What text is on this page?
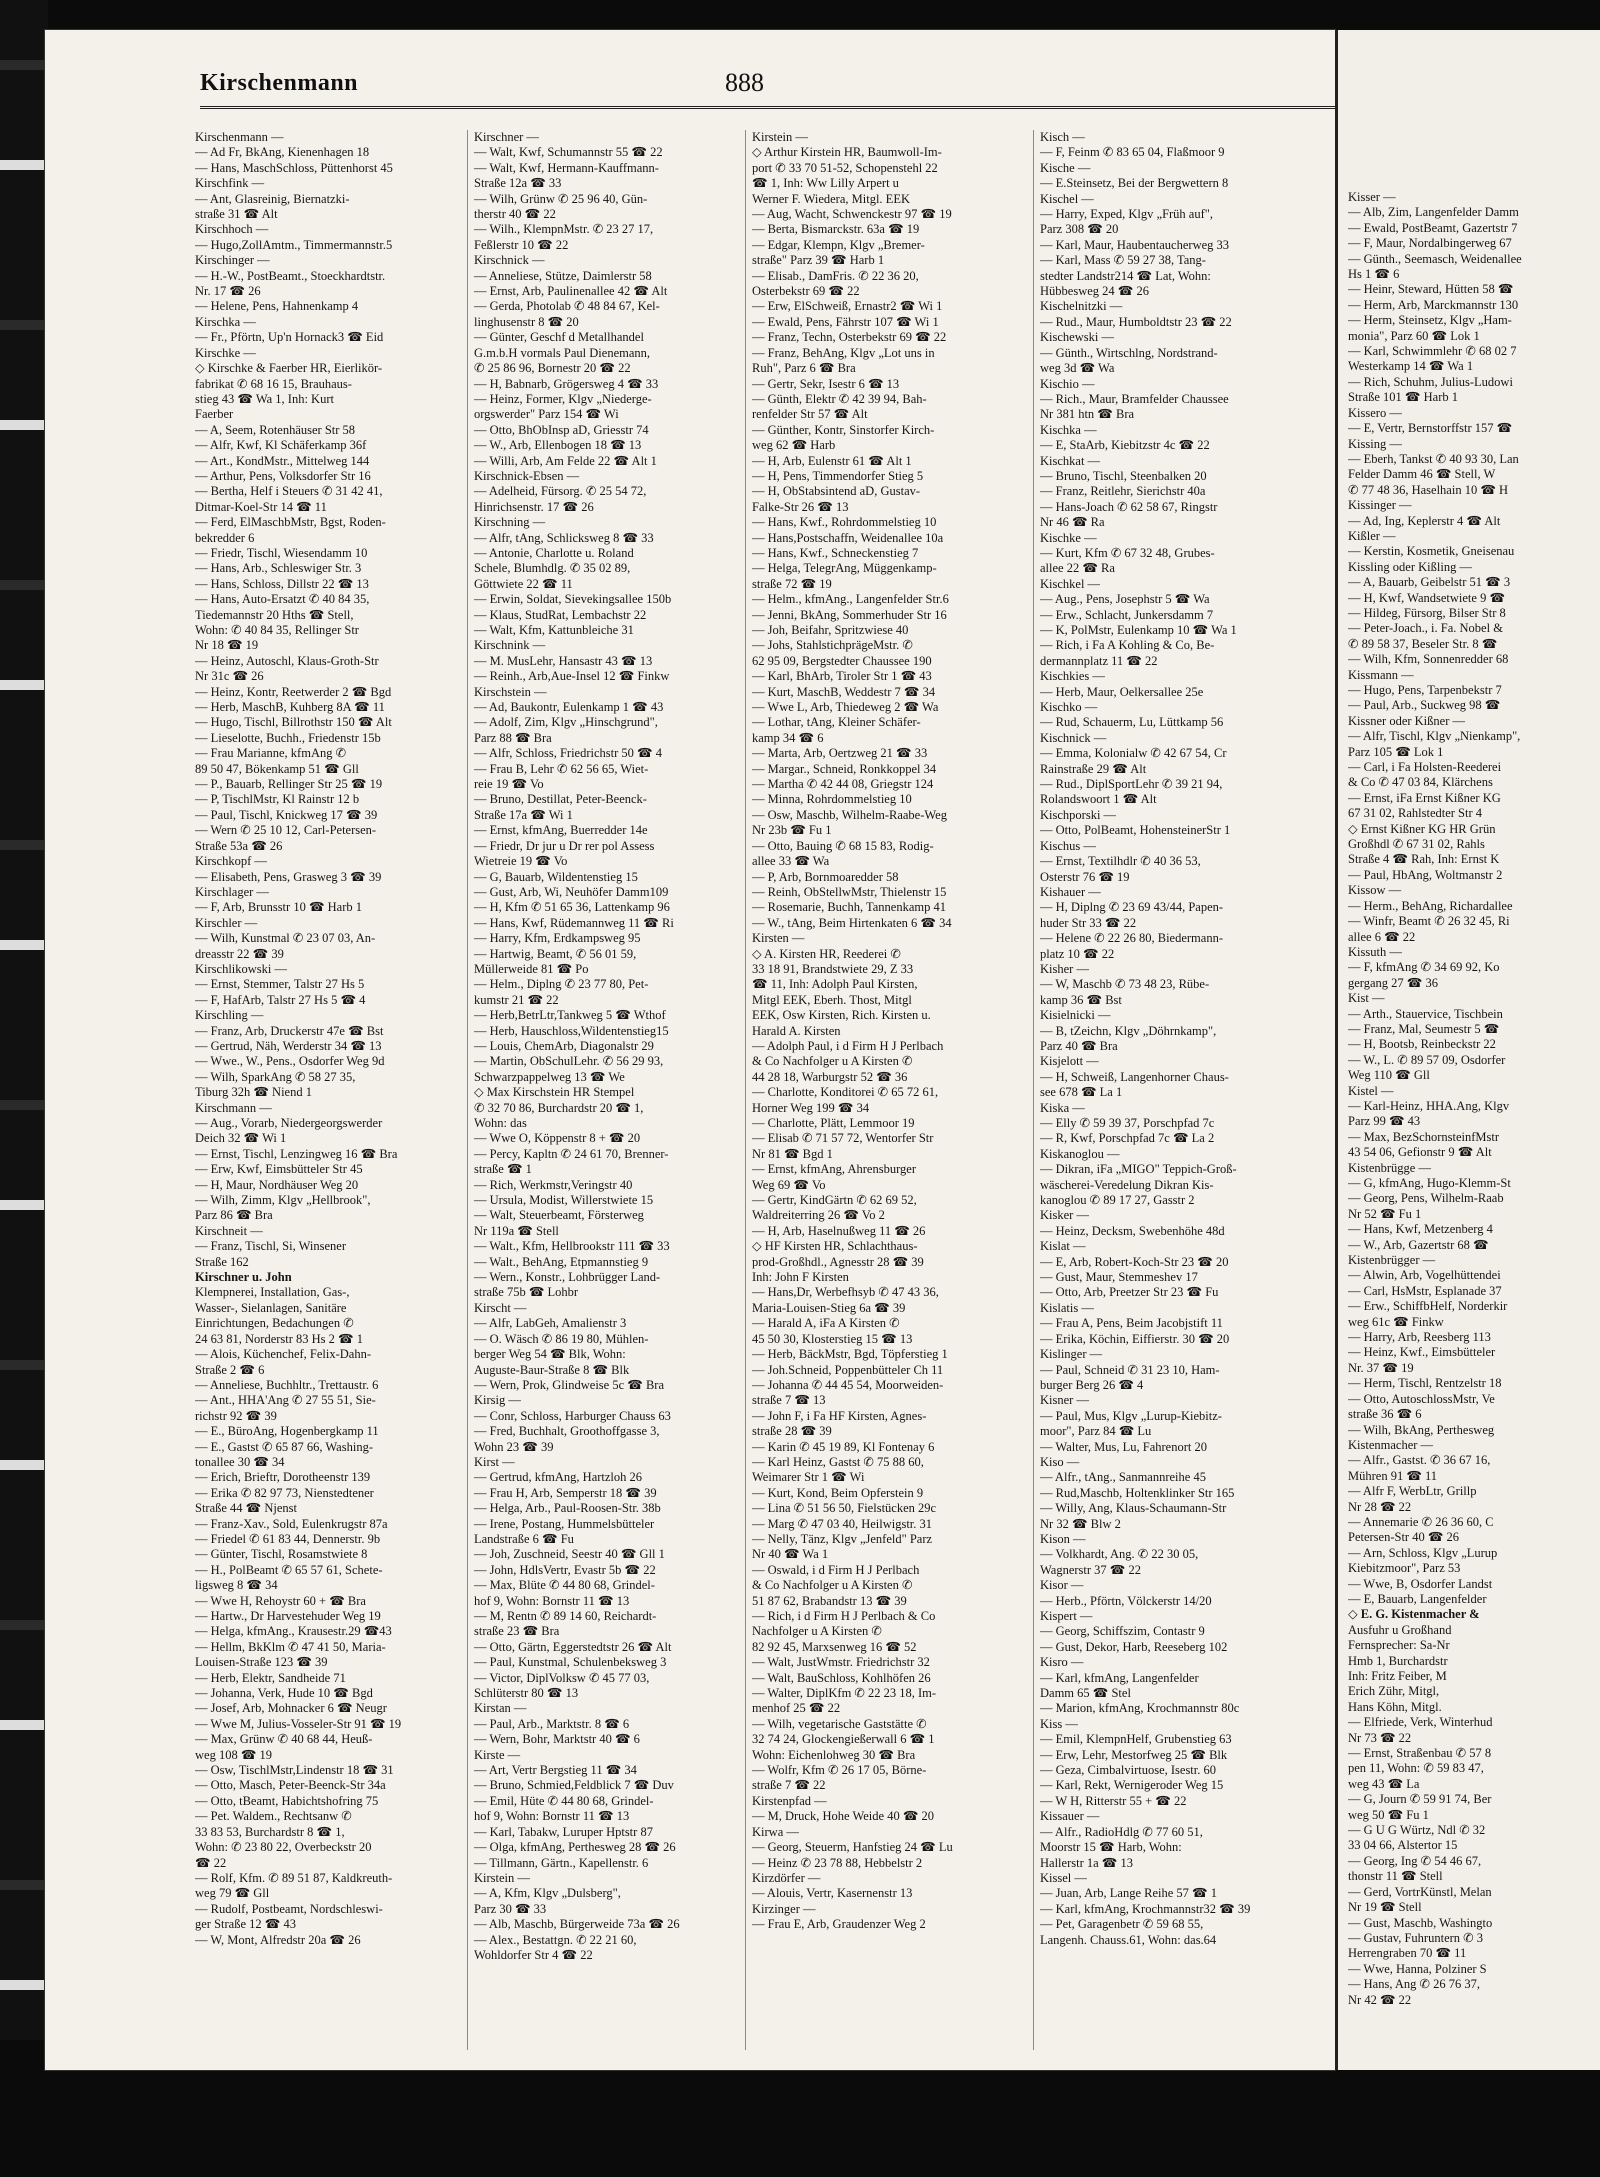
Kirschenmann	888
Kirschenmann —
— Ad Fr, BkAng, Kienenhagen 18
— Hans, MaschSchloss, Püttenhorst 45
Kirschfink —
— Ant, Glasreinig, Biernatzki-
straße 31 ☎ Alt
Kirschhoch —
— Hugo,ZollAmtm., Timmermannstr.5
Kirschinger —
— H.-W., PostBeamt., Stoeckhardtstr.
Nr. 17 ☎ 26
— Helene, Pens, Hahnenkamp 4
Kirschka —
— Fr., Pförtn, Up'n Hornack3 ☎ Eid
Kirschke —
◇ Kirschke & Faerber HR, Eierlikör-
fabrikat ✆ 68 16 15, Brauhaus-
stieg 43 ☎ Wa 1, Inh: Kurt
Faerber
— A, Seem, Rotenhäuser Str 58
— Alfr, Kwf, Kl Schäferkamp 36f
— Art., KondMstr., Mittelweg 144
— Arthur, Pens, Volksdorfer Str 16
— Bertha, Helf i Steuers ✆ 31 42 41,
Ditmar-Koel-Str 14 ☎ 11
— Ferd, ElMaschbMstr, Bgst, Roden-
bekredder 6
— Friedr, Tischl, Wiesendamm 10
— Hans, Arb., Schleswiger Str. 3
— Hans, Schloss, Dillstr 22 ☎ 13
— Hans, Auto-Ersatzt ✆ 40 84 35,
Tiedemannstr 20 Hths ☎ Stell,
Wohn: ✆ 40 84 35, Rellinger Str
Nr 18 ☎ 19
— Heinz, Autoschl, Klaus-Groth-Str
Nr 31c ☎ 26
— Heinz, Kontr, Reetwerder 2 ☎ Bgd
— Herb, MaschB, Kuhberg 8A ☎ 11
— Hugo, Tischl, Billrothstr 150 ☎ Alt
— Lieselotte, Buchh., Friedenstr 15b
— Frau Marianne, kfmAng ✆
89 50 47, Bökenkamp 51 ☎ Gll
— P., Bauarb, Rellinger Str 25 ☎ 19
— P, TischlMstr, Kl Rainstr 12 b
— Paul, Tischl, Knickweg 17 ☎ 39
— Wern ✆ 25 10 12, Carl-Petersen-
Straße 53a ☎ 26
Kirschkopf —
— Elisabeth, Pens, Grasweg 3 ☎ 39
Kirschlager —
— F, Arb, Brunsstr 10 ☎ Harb 1
Kirschler —
— Wilh, Kunstmal ✆ 23 07 03, An-
dreasstr 22 ☎ 39
Kirschlikowski —
— Ernst, Stemmer, Talstr 27 Hs 5
— F, HafArb, Talstr 27 Hs 5 ☎ 4
Kirschling —
— Franz, Arb, Druckerstr 47e ☎ Bst
— Gertrud, Näh, Werderstr 34 ☎ 13
— Wwe., W., Pens., Osdorfer Weg 9d
— Wilh, SparkAng ✆ 58 27 35,
Tiburg 32h ☎ Niend 1
Kirschmann —
— Aug., Vorarb, Niedergeorgswerder
Deich 32 ☎ Wi 1
— Ernst, Tischl, Lenzingweg 16 ☎ Bra
— Erw, Kwf, Eimsbütteler Str 45
— H, Maur, Nordhäuser Weg 20
— Wilh, Zimm, Klgv „Hellbrook",
Parz 86 ☎ Bra
Kirschneit —
— Franz, Tischl, Si, Winsener
Straße 162
Kirschner u. John
Klempnerei, Installation, Gas-,
Wasser-, Sielanlagen, Sanitäre
Einrichtungen, Bedachungen ✆
24 63 81, Norderstr 83 Hs 2 ☎ 1
— Alois, Küchenchef, Felix-Dahn-
Straße 2 ☎ 6
— Anneliese, Buchhltr., Trettaustr. 6
— Ant., HHA'Ang ✆ 27 55 51, Sie-
richstr 92 ☎ 39
— E., BüroAng, Hogenbergkamp 11
— E., Gastst ✆ 65 87 66, Washing-
tonallee 30 ☎ 34
— Erich, Brieftr, Dorotheenstr 139
— Erika ✆ 82 97 73, Nienstedtener
Straße 44 ☎ Njenst
— Franz-Xav., Sold, Eulenkrugstr 87a
— Friedel ✆ 61 83 44, Dennerstr. 9b
— Günter, Tischl, Rosamstwiete 8
— H., PolBeamt ✆ 65 57 61, Schete-
ligsweg 8 ☎ 34
— Wwe H, Rehoystr 60 + ☎ Bra
— Hartw., Dr Harvestehuder Weg 19
— Helga, kfmAng., Krausestr.29 ☎43
— Hellm, BkKlm ✆ 47 41 50, Maria-
Louisen-Straße 123 ☎ 39
— Herb, Elektr, Sandheide 71
— Johanna, Verk, Hude 10 ☎ Bgd
— Josef, Arb, Mohnacker 6 ☎ Neugr
— Wwe M, Julius-Vosseler-Str 91 ☎ 19
— Max, Grünw ✆ 40 68 44, Heuß-
weg 108 ☎ 19
— Osw, TischlMstr,Lindenstr 18 ☎ 31
— Otto, Masch, Peter-Beenck-Str 34a
— Otto, tBeamt, Habichtshofring 75
— Pet. Waldem., Rechtsanw ✆
33 83 53, Burchardstr 8 ☎ 1,
Wohn: ✆ 23 80 22, Overbeckstr 20
☎ 22
— Rolf, Kfm. ✆ 89 51 87, Kaldkreuth-
weg 79 ☎ Gll
— Rudolf, Postbeamt, Nordschleswi-
ger Straße 12 ☎ 43
— W, Mont, Alfredstr 20a ☎ 26
Kirschner —
— Walt, Kwf, Schumannstr 55 ☎ 22
— Walt, Kwf, Hermann-Kauffmann-
Straße 12a ☎ 33
— Wilh, Grünw ✆ 25 96 40, Gün-
therstr 40 ☎ 22
— Wilh., KlempnMstr. ✆ 23 27 17,
Feßlerstr 10 ☎ 22
Kirschnick —
— Anneliese, Stütze, Daimlerstr 58
— Ernst, Arb, Paulinenallee 42 ☎ Alt
— Gerda, Photolab ✆ 48 84 67, Kel-
linghusenstr 8 ☎ 20
— Günter, Geschf d Metallhandel
G.m.b.H vormals Paul Dienemann,
✆ 25 86 96, Bornestr 20 ☎ 22
— H, Babnarb, Grögersweg 4 ☎ 33
— Heinz, Former, Klgv „Niederge-
orgswerder" Parz 154 ☎ Wi
— Otto, BhObInsp aD, Griesstr 74
— W., Arb, Ellenbogen 18 ☎ 13
— Willi, Arb, Am Felde 22 ☎ Alt 1
Kirschnick-Ebsen —
— Adelheid, Fürsorg. ✆ 25 54 72,
Hinrichsenstr. 17 ☎ 26
Kirschning —
— Alfr, tAng, Schlicksweg 8 ☎ 33
— Antonie, Charlotte u. Roland
Schele, Blumhdlg. ✆ 35 02 89,
Göttwiete 22 ☎ 11
— Erwin, Soldat, Sievekingsallee 150b
— Klaus, StudRat, Lembachstr 22
— Walt, Kfm, Kattunbleiche 31
Kirschnink —
— M. MusLehr, Hansastr 43 ☎ 13
— Reinh., Arb,Aue-Insel 12 ☎ Finkw
Kirschstein —
— Ad, Baukontr, Eulenkamp 1 ☎ 43
— Adolf, Zim, Klgv „Hinschgrund",
Parz 88 ☎ Bra
— Alfr, Schloss, Friedrichstr 50 ☎ 4
— Frau B, Lehr ✆ 62 56 65, Wiet-
reie 19 ☎ Vo
— Bruno, Destillat, Peter-Beenck-
Straße 17a ☎ Wi 1
— Ernst, kfmAng, Buerredder 14e
— Friedr, Dr jur u Dr rer pol Assess
Wietreie 19 ☎ Vo
— G, Bauarb, Wildentenstieg 15
— Gust, Arb, Wi, Neuhöfer Damm109
— H, Kfm ✆ 51 65 36, Lattenkamp 96
— Hans, Kwf, Rüdemannweg 11 ☎ Ri
— Harry, Kfm, Erdkampsweg 95
— Hartwig, Beamt, ✆ 56 01 59,
Müllerweide 81 ☎ Po
— Helm., Diplng ✆ 23 77 80, Pet-
kumstr 21 ☎ 22
— Herb,BetrLtr,Tankweg 5 ☎ Wthof
— Herb, Hauschloss,Wildentenstieg15
— Louis, ChemArb, Diagonalstr 29
— Martin, ObSchulLehr. ✆ 56 29 93,
Schwarzpappelweg 13 ☎ We
◇ Max Kirschstein HR Stempel
✆ 32 70 86, Burchardstr 20 ☎ 1,
Wohn: das
— Wwe O, Köppenstr 8 + ☎ 20
— Percy, Kapltn ✆ 24 61 70, Brenner-
straße ☎ 1
— Rich, Werkmstr,Veringstr 40
— Ursula, Modist, Willerstwiete 15
— Walt, Steuerbeamt, Försterweg
Nr 119a ☎ Stell
— Walt., Kfm, Hellbrookstr 111 ☎ 33
— Walt., BehAng, Etpmannstieg 9
— Wern., Konstr., Lohbrügger Land-
straße 75b ☎ Lohbr
Kirscht —
— Alfr, LabGeh, Amalienstr 3
— O. Wäsch ✆ 86 19 80, Mühlen-
berger Weg 54 ☎ Blk, Wohn:
Auguste-Baur-Straße 8 ☎ Blk
— Wern, Prok, Glindweise 5c ☎ Bra
Kirsig —
— Conr, Schloss, Harburger Chauss 63
— Fred, Buchhalt, Groothoffgasse 3,
Wohn 23 ☎ 39
Kirst —
— Gertrud, kfmAng, Hartzloh 26
— Frau H, Arb, Semperstr 18 ☎ 39
— Helga, Arb., Paul-Roosen-Str. 38b
— Irene, Postang, Hummelsbütteler
Landstraße 6 ☎ Fu
— Joh, Zuschneid, Seestr 40 ☎ Gll 1
— John, HdlsVertr, Evastr 5b ☎ 22
— Max, Blüte ✆ 44 80 68, Grindel-
hof 9, Wohn: Bornstr 11 ☎ 13
— M, Rentn ✆ 89 14 60, Reichardt-
straße 23 ☎ Bra
— Otto, Gärtn, Eggerstedtstr 26 ☎ Alt
— Paul, Kunstmal, Schulenbeksweg 3
— Victor, DiplVolksw ✆ 45 77 03,
Schlüterstr 80 ☎ 13
Kirstan —
— Paul, Arb., Marktstr. 8 ☎ 6
— Wern, Bohr, Marktstr 40 ☎ 6
Kirste —
— Art, Vertr Bergstieg 11 ☎ 34
— Bruno, Schmied,Feldblick 7 ☎ Duv
— Emil, Hüte ✆ 44 80 68, Grindel-
hof 9, Wohn: Bornstr 11 ☎ 13
— Karl, Tabakw, Luruper Hptstr 87
— Olga, kfmAng, Perthesweg 28 ☎ 26
— Tillmann, Gärtn., Kapellenstr. 6
Kirstein —
— A, Kfm, Klgv „Dulsberg",
Parz 30 ☎ 33
— Alb, Maschb, Bürgerweide 73a ☎ 26
— Alex., Bestattgn. ✆ 22 21 60,
Wohldorfer Str 4 ☎ 22
Kirstein —
◇ Arthur Kirstein HR, Baumwoll-Im-
port ✆ 33 70 51-52, Schopenstehl 22
☎ 1, Inh: Ww Lilly Arpert u
Werner F. Wiedera, Mitgl. EEK
— Aug, Wacht, Schwenckestr 97 ☎ 19
— Berta, Bismarckstr. 63a ☎ 19
— Edgar, Klempn, Klgv „Bremer-
straße" Parz 39 ☎ Harb 1
— Elisab., DamFris. ✆ 22 36 20,
Osterbekstr 69 ☎ 22
— Erw, ElSchweiß, Ernastr2 ☎ Wi 1
— Ewald, Pens, Fährstr 107 ☎ Wi 1
— Franz, Techn, Osterbekstr 69 ☎ 22
— Franz, BehAng, Klgv „Lot uns in
Ruh", Parz 6 ☎ Bra
— Gertr, Sekr, Isestr 6 ☎ 13
— Günth, Elektr ✆ 42 39 94, Bah-
renfelder Str 57 ☎ Alt
— Günther, Kontr, Sinstorfer Kirch-
weg 62 ☎ Harb
— H, Arb, Eulenstr 61 ☎ Alt 1
— H, Pens, Timmendorfer Stieg 5
— H, ObStabsintend aD, Gustav-
Falke-Str 26 ☎ 13
— Hans, Kwf., Rohrdommelstieg 10
— Hans,Postschaffn, Weidenallee 10a
— Hans, Kwf., Schneckenstieg 7
— Helga, TelegrAng, Müggenkamp-
straße 72 ☎ 19
— Helm., kfmAng., Langenfelder Str.6
— Jenni, BkAng, Sommerhuder Str 16
— Joh, Beifahr, Spritzwiese 40
— Johs, StahlstichprägeMstr. ✆
62 95 09, Bergstedter Chaussee 190
— Karl, BhArb, Tiroler Str 1 ☎ 43
— Kurt, MaschB, Weddestr 7 ☎ 34
— Wwe L, Arb, Thiedeweg 2 ☎ Wa
— Lothar, tAng, Kleiner Schäfer-
kamp 34 ☎ 6
— Marta, Arb, Oertzweg 21 ☎ 33
— Margar., Schneid, Ronkkoppel 34
— Martha ✆ 42 44 08, Griegstr 124
— Minna, Rohrdommelstieg 10
— Osw, Maschb, Wilhelm-Raabe-Weg
Nr 23b ☎ Fu 1
— Otto, Bauing ✆ 68 15 83, Rodig-
allee 33 ☎ Wa
— P, Arb, Bornmoaredder 58
— Reinh, ObStellwMstr, Thielenstr 15
— Rosemarie, Buchh, Tannenkamp 41
— W., tAng, Beim Hirtenkaten 6 ☎ 34
Kirsten —
◇ A. Kirsten HR, Reederei ✆
33 18 91, Brandstwiete 29, Z 33
☎ 11, Inh: Adolph Paul Kirsten,
Mitgl EEK, Eberh. Thost, Mitgl
EEK, Osw Kirsten, Rich. Kirsten u.
Harald A. Kirsten
— Adolph Paul, i d Firm H J Perlbach
& Co Nachfolger u A Kirsten ✆
44 28 18, Warburgstr 52 ☎ 36
— Charlotte, Konditorei ✆ 65 72 61,
Horner Weg 199 ☎ 34
— Charlotte, Plätt, Lemmoor 19
— Elisab ✆ 71 57 72, Wentorfer Str
Nr 81 ☎ Bgd 1
— Ernst, kfmAng, Ahrensburger
Weg 69 ☎ Vo
— Gertr, KindGärtn ✆ 62 69 52,
Waldreiterring 26 ☎ Vo 2
— H, Arb, Haselnußweg 11 ☎ 26
◇ HF Kirsten HR, Schlachthaus-
prod-Großhdl., Agnesstr 28 ☎ 39
Inh: John F Kirsten
— Hans,Dr, Werbefhsyb ✆ 47 43 36,
Maria-Louisen-Stieg 6a ☎ 39
— Harald A, iFa A Kirsten ✆
45 50 30, Klosterstieg 15 ☎ 13
— Herb, BäckMstr, Bgd, Töpferstieg 1
— Joh.Schneid, Poppenbütteler Ch 11
— Johanna ✆ 44 45 54, Moorweiden-
straße 7 ☎ 13
— John F, i Fa HF Kirsten, Agnes-
straße 28 ☎ 39
— Karin ✆ 45 19 89, Kl Fontenay 6
— Karl Heinz, Gastst ✆ 75 88 60,
Weimarer Str 1 ☎ Wi
— Kurt, Kond, Beim Opferstein 9
— Lina ✆ 51 56 50, Fielstücken 29c
— Marg ✆ 47 03 40, Heilwigstr. 31
— Nelly, Tänz, Klgv „Jenfeld" Parz
Nr 40 ☎ Wa 1
— Oswald, i d Firm H J Perlbach
& Co Nachfolger u A Kirsten ✆
51 87 62, Brabandstr 13 ☎ 39
— Rich, i d Firm H J Perlbach & Co
Nachfolger u A Kirsten ✆
82 92 45, Marxsenweg 16 ☎ 52
— Walt, JustWmstr. Friedrichstr 32
— Walt, BauSchloss, Kohlhöfen 26
— Walter, DiplKfm ✆ 22 23 18, Im-
menhof 25 ☎ 22
— Wilh, vegetarische Gaststätte ✆
32 74 24, Glockengießerwall 6 ☎ 1
Wohn: Eichenlohweg 30 ☎ Bra
— Wolfr, Kfm ✆ 26 17 05, Börne-
straße 7 ☎ 22
Kirstenpfad —
— M, Druck, Hohe Weide 40 ☎ 20
Kirwa —
— Georg, Steuerm, Hanfstieg 24 ☎ Lu
— Heinz ✆ 23 78 88, Hebbelstr 2
Kirzdörfer —
— Alouis, Vertr, Kasernenstr 13
Kirzinger —
— Frau E, Arb, Graudenzer Weg 2
Kisch —
— F, Feinm ✆ 83 65 04, Flaßmoor 9
Kische —
— E.Steinsetz, Bei der Bergwettern 8
Kischel —
— Harry, Exped, Klgv „Früh auf",
Parz 308 ☎ 20
— Karl, Maur, Haubentaucherweg 33
— Karl, Mass ✆ 59 27 38, Tang-
stedter Landstr214 ☎ Lat, Wohn:
Hübbesweg 24 ☎ 26
Kischelnitzki —
— Rud., Maur, Humboldtstr 23 ☎ 22
Kischewski —
— Günth., Wirtschlng, Nordstrand-
weg 3d ☎ Wa
Kischio —
— Rich., Maur, Bramfelder Chaussee
Nr 381 htn ☎ Bra
Kischka —
— E, StaArb, Kiebitzstr 4c ☎ 22
Kischkat —
— Bruno, Tischl, Steenbalken 20
— Franz, Reitlehr, Sierichstr 40a
— Hans-Joach ✆ 62 58 67, Ringstr
Nr 46 ☎ Ra
Kischke —
— Kurt, Kfm ✆ 67 32 48, Grubes-
allee 22 ☎ Ra
Kischkel —
— Aug., Pens, Josephstr 5 ☎ Wa
— Erw., Schlacht, Junkersdamm 7
— K, PolMstr, Eulenkamp 10 ☎ Wa 1
— Rich, i Fa A Kohling & Co, Be-
dermannplatz 11 ☎ 22
Kischkies —
— Herb, Maur, Oelkersallee 25e
Kischko —
— Rud, Schauerm, Lu, Lüttkamp 56
Kischnick —
— Emma, Kolonialw ✆ 42 67 54, Cr
Rainstraße 29 ☎ Alt
— Rud., DiplSportLehr ✆ 39 21 94,
Rolandswoort 1 ☎ Alt
Kischporski —
— Otto, PolBeamt, HohensteinerStr 1
Kischus —
— Ernst, Textilhdlr ✆ 40 36 53,
Osterstr 76 ☎ 19
Kishauer —
— H, Diplng ✆ 23 69 43/44, Papen-
huder Str 33 ☎ 22
— Helene ✆ 22 26 80, Biedermann-
platz 10 ☎ 22
Kisher —
— W, Maschb ✆ 73 48 23, Rübe-
kamp 36 ☎ Bst
Kisielnicki —
— B, tZeichn, Klgv „Döhrnkamp",
Parz 40 ☎ Bra
Kisjelott —
— H, Schweiß, Langenhorner Chaus-
see 678 ☎ La 1
Kiska —
— Elly ✆ 59 39 37, Porschpfad 7c
— R, Kwf, Porschpfad 7c ☎ La 2
Kiskanoglou —
— Dikran, iFa „MIGO" Teppich-Groß-
wäscherei-Veredelung Dikran Kis-
kanoglou ✆ 89 17 27, Gasstr 2
Kisker —
— Heinz, Decksm, Swebenhöhe 48d
Kislat —
— E, Arb, Robert-Koch-Str 23 ☎ 20
— Gust, Maur, Stemmeshev 17
— Otto, Arb, Preetzer Str 23 ☎ Fu
Kislatis —
— Frau A, Pens, Beim Jacobjstift 11
— Erika, Köchin, Eiffierstr. 30 ☎ 20
Kislinger —
— Paul, Schneid ✆ 31 23 10, Ham-
burger Berg 26 ☎ 4
Kisner —
— Paul, Mus, Klgv „Lurup-Kiebitz-
moor", Parz 84 ☎ Lu
— Walter, Mus, Lu, Fahrenort 20
Kiso —
— Alfr., tAng., Sanmannreihe 45
— Rud,Maschb, Holtenklinker Str 165
— Willy, Ang, Klaus-Schaumann-Str
Nr 32 ☎ Blw 2
Kison —
— Volkhardt, Ang. ✆ 22 30 05,
Wagnerstr 37 ☎ 22
Kisor —
— Herb., Pförtn, Völckerstr 14/20
Kispert —
— Georg, Schiffszim, Contastr 9
— Gust, Dekor, Harb, Reeseberg 102
Kisro —
— Karl, kfmAng, Langenfelder
Damm 65 ☎ Stel
— Marion, kfmAng, Krochmannstr 80c
Kiss —
— Emil, KlempnHelf, Grubenstieg 63
— Erw, Lehr, Mestorfweg 25 ☎ Blk
— Geza, Cimbalvirtuose, Isestr. 60
— Karl, Rekt, Wernigeroder Weg 15
— W H, Ritterstr 55 + ☎ 22
Kissauer —
— Alfr., RadioHdlg ✆ 77 60 51,
Moorstr 15 ☎ Harb, Wohn:
Hallerstr 1a ☎ 13
Kissel —
— Juan, Arb, Lange Reihe 57 ☎ 1
— Karl, kfmAng, Krochmannstr32 ☎ 39
— Pet, Garagenbetr ✆ 59 68 55,
Langenh. Chauss.61, Wohn: das.64
Kisser —
— Alb, Zim, Langenfelder Damm
— Ewald, PostBeamt, Gazertstr 7
— F, Maur, Nordalbingerweg 67
— Günth., Seemasch, Weidenallee
Hs 1 ☎ 6
— Heinr, Steward, Hütten 58 ☎
— Herm, Arb, Marckmannstr 130
— Herm, Steinsetz, Klgv „Ham-
monia", Parz 60 ☎ Lok 1
— Karl, Schwimmlehr ✆ 68 02 7
Westerkamp 14 ☎ Wa 1
— Rich, Schuhm, Julius-Ludowi
Straße 101 ☎ Harb 1
Kissero —
— E, Vertr, Bernstorffstr 157 ☎
Kissing —
— Eberh, Tankst ✆ 40 93 30, Lan
Felder Damm 46 ☎ Stell, W
✆ 77 48 36, Haselhain 10 ☎ H
Kissinger —
— Ad, Ing, Keplerstr 4 ☎ Alt
Kißler —
— Kerstin, Kosmetik, Gneisenau
Kissling oder Kißling —
— A, Bauarb, Geibelstr 51 ☎ 3
— H, Kwf, Wandsetwiete 9 ☎
— Hildeg, Fürsorg, Bilser Str 8
— Peter-Joach., i. Fa. Nobel &
✆ 89 58 37, Beseler Str. 8 ☎
— Wilh, Kfm, Sonnenredder 68
Kissmann —
— Hugo, Pens, Tarpenbekstr 7
— Paul, Arb., Suckweg 98 ☎
Kissner oder Kißner —
— Alfr, Tischl, Klgv „Nienkamp",
Parz 105 ☎ Lok 1
— Carl, i Fa Holsten-Reederei
& Co ✆ 47 03 84, Klärchens
— Ernst, iFa Ernst Kißner KG
67 31 02, Rahlstedter Str 4
◇ Ernst Kißner KG HR Grün
Großhdl ✆ 67 31 02, Rahls
Straße 4 ☎ Rah, Inh: Ernst K
— Paul, HbAng, Woltmanstr 2
Kissow —
— Herm., BehAng, Richardallee
— Winfr, Beamt ✆ 26 32 45, Ri
allee 6 ☎ 22
Kissuth —
— F, kfmAng ✆ 34 69 92, Ko
gergang 27 ☎ 36
Kist —
— Arth., Stauervice, Tischbein
— Franz, Mal, Seumestr 5 ☎
— H, Bootsb, Reinbeckstr 22
— W., L. ✆ 89 57 09, Osdorfer
Weg 110 ☎ Gll
Kistel —
— Karl-Heinz, HHA.Ang, Klgv
Parz 99 ☎ 43
— Max, BezSchornsteinfMstr
43 54 06, Gefionstr 9 ☎ Alt
Kistenbrügge —
— G, kfmAng, Hugo-Klemm-St
— Georg, Pens, Wilhelm-Raab
Nr 52 ☎ Fu 1
— Hans, Kwf, Metzenberg 4
— W., Arb, Gazertstr 68 ☎
Kistenbrügger —
— Alwin, Arb, Vogelhüttendei
— Carl, HsMstr, Esplanade 37
— Erw., SchiffbHelf, Norderkir
weg 61c ☎ Finkw
— Harry, Arb, Reesberg 113
— Heinz, Kwf., Eimsbütteler
Nr. 37 ☎ 19
— Herm, Tischl, Rentzelstr 18
— Otto, AutoschlossMstr, Ve
straße 36 ☎ 6
— Wilh, BkAng, Perthesweg
Kistenmacher —
— Alfr., Gastst. ✆ 36 67 16,
Mühren 91 ☎ 11
— Alfr F, WerbLtr, Grillp
Nr 28 ☎ 22
— Annemarie ✆ 26 36 60, C
Petersen-Str 40 ☎ 26
— Arn, Schloss, Klgv „Lurup
Kiebitzmoor", Parz 53
— Wwe, B, Osdorfer Landst
— E, Bauarb, Langenfelder
◇ E. G. Kistenmacher &
Ausfuhr u Großhand
Fernsprecher: Sa-Nr
Hmb 1, Burchardstr
Inh: Fritz Feiber, M
Erich Zühr, Mitgl,
Hans Köhn, Mitgl.
— Elfriede, Verk, Winterhud
Nr 73 ☎ 22
— Ernst, Straßenbau ✆ 57 8
pen 11, Wohn: ✆ 59 83 47,
weg 43 ☎ La
— G, Journ ✆ 59 91 74, Ber
weg 50 ☎ Fu 1
— G U G Würtz, Ndl ✆ 32
33 04 66, Alstertor 15
— Georg, Ing ✆ 54 46 67,
thonstr 11 ☎ Stell
— Gerd, VortrKünstl, Melan
Nr 19 ☎ Stell
— Gust, Maschb, Washingto
— Gustav, Fuhruntern ✆ 3
Herrengraben 70 ☎ 11
— Wwe, Hanna, Polziner S
— Hans, Ang ✆ 26 76 37,
Nr 42 ☎ 22
